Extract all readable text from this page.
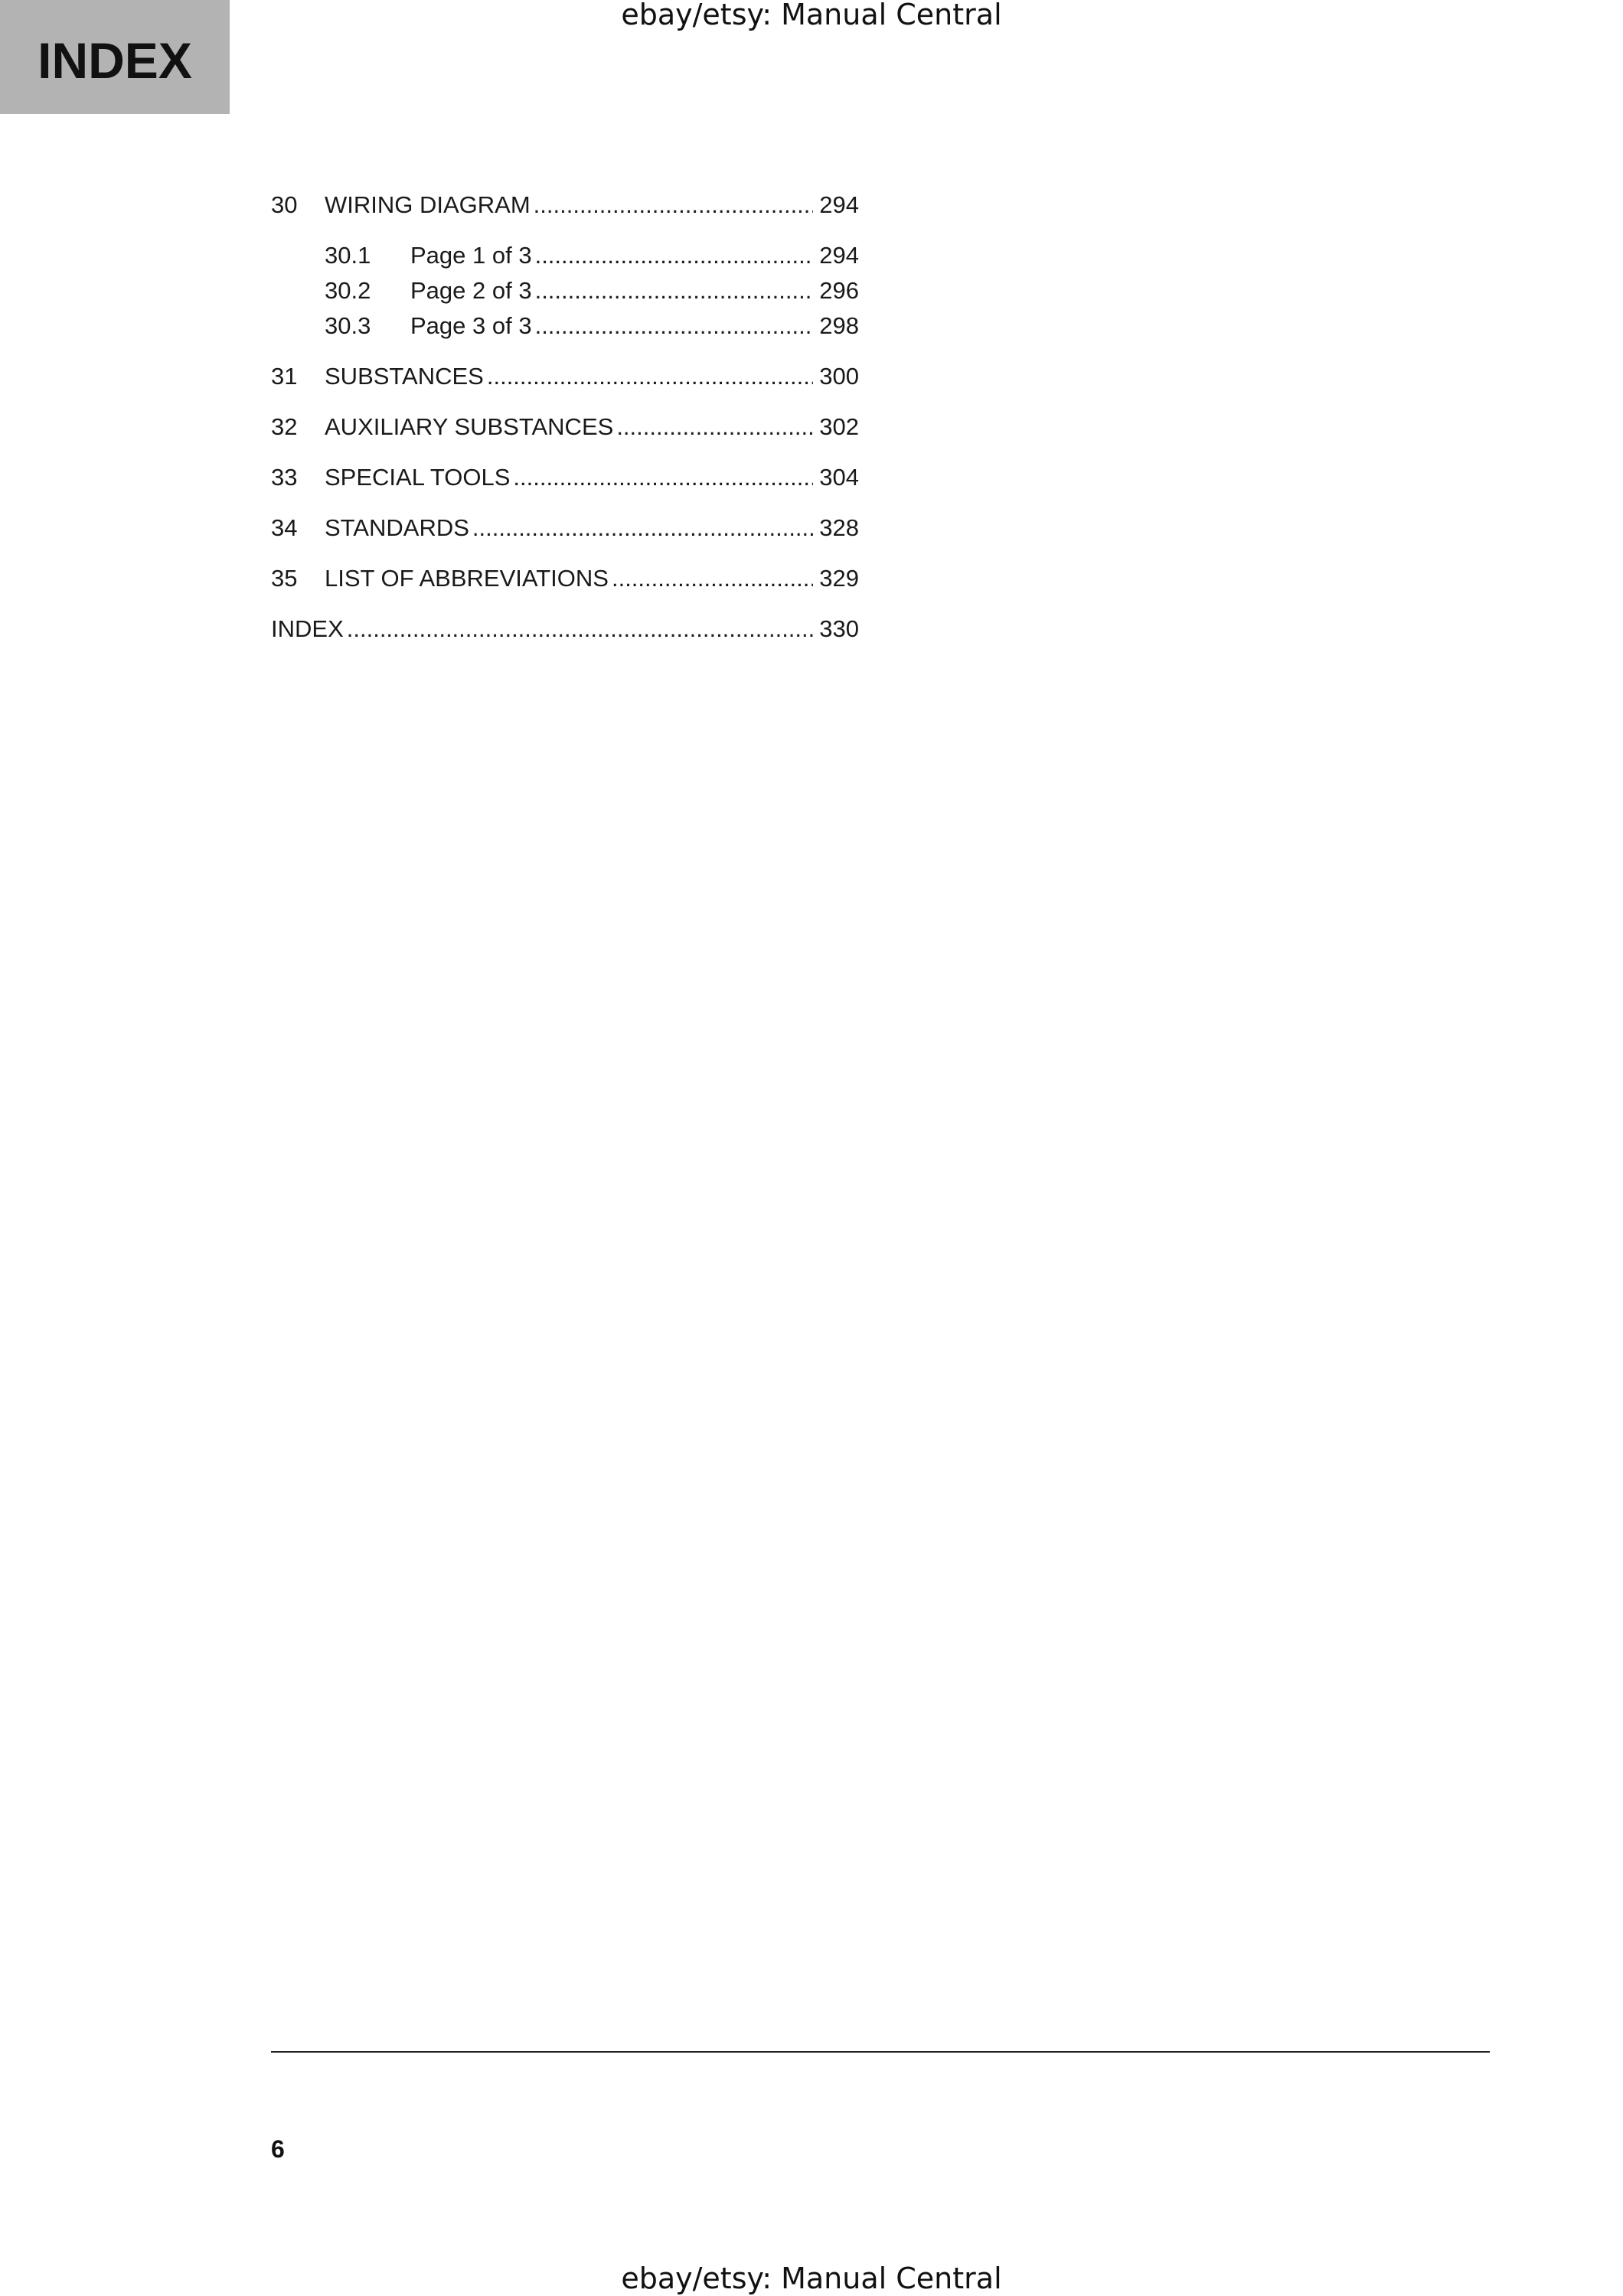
ebay/etsy: Manual Central
INDEX
30	WIRING DIAGRAM .....	294
30.1	Page 1 of 3 .....	294
30.2	Page 2 of 3 .....	296
30.3	Page 3 of 3 .....	298
31	SUBSTANCES .....	300
32	AUXILIARY SUBSTANCES .....	302
33	SPECIAL TOOLS .....	304
34	STANDARDS .....	328
35	LIST OF ABBREVIATIONS .....	329
INDEX .....	330
6
ebay/etsy: Manual Central
